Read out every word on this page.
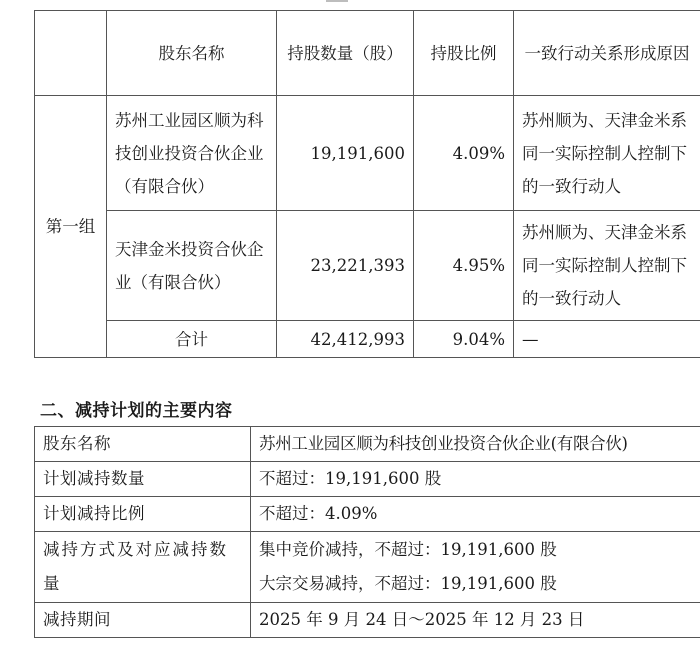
	股东名称	持股数量（股）	持股比例	一致行动关系形成原因
第一组	苏州工业园区顺为科技创业投资合伙企业（有限合伙）	19,191,600	4.09%	苏州顺为、天津金米系同一实际控制人控制下的一致行动人
	天津金米投资合伙企业（有限合伙）	23,221,393	4.95%	苏州顺为、天津金米系同一实际控制人控制下的一致行动人
	合计	42,412,993	9.04%	—
二、减持计划的主要内容
股东名称	苏州工业园区顺为科技创业投资合伙企业(有限合伙)
计划减持数量	不超过：19,191,600 股
计划减持比例	不超过：4.09%
减持方式及对应减持数量	集中竞价减持，不超过：19,191,600 股
大宗交易减持，不超过：19,191,600 股

减持期间	2025 年 9 月 24 日～2025 年 12 月 23 日
